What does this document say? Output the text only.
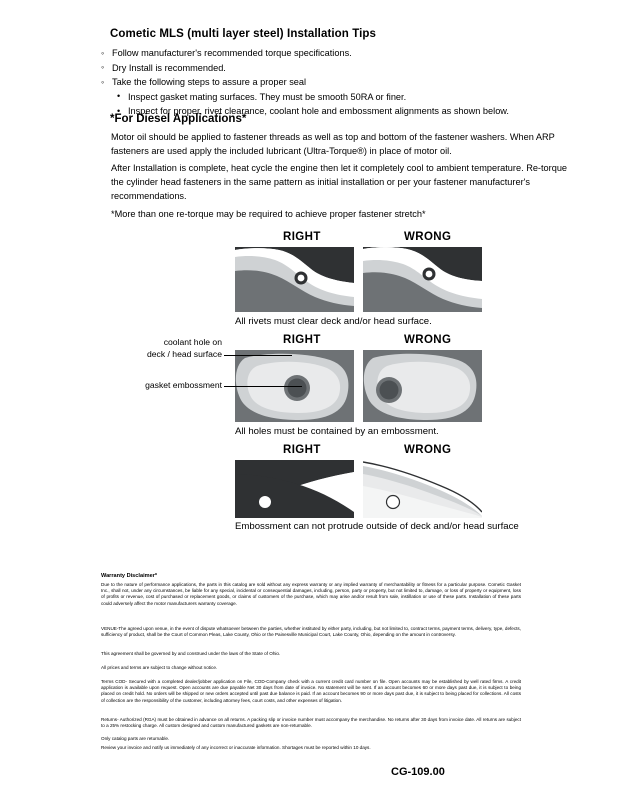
Cometic MLS (multi layer steel) Installation Tips
◦ Follow manufacturer's recommended torque specifications.
◦ Dry Install is recommended.
◦ Take the following steps to assure a proper seal
• Inspect gasket mating surfaces. They must be smooth 50RA or finer.
• Inspect for proper, rivet clearance, coolant hole and embossment alignments as shown below.
*For Diesel Applications*
Motor oil should be applied to fastener threads as well as top and bottom of the fastener washers. When ARP fasteners are used apply the included lubricant (Ultra-Torque®) in place of motor oil.
After Installation is complete, heat cycle the engine then let it completely cool to ambient temperature. Re-torque the cylinder head fasteners in the same pattern as initial installation or per your fastener manufacturer's recommendations.
*More than one re-torque may be required to achieve proper fastener stretch*
RIGHT	WRONG
All rivets must clear deck and/or head surface.
RIGHT	WRONG
coolant hole on
deck / head surface
gasket embossment
All holes must be contained by an embossment.
RIGHT	WRONG
Embossment can not protrude outside of deck and/or head surface
Warranty Disclaimer*
Due to the nature of performance applications, the parts in this catalog are sold without any express warranty or any implied warranty of merchantability or fitness for a particular purpose. Cometic Gasket Inc., shall not, under any circumstances, be liable for any special, incidental or consequential damages, including, person, party or property, but not limited to, damage, or loss of property or equipment, loss of profits or revenue, cost of purchased or replacement goods, or claims of customers of the purchase, which may arise and/or result from sale, instillation or use of these parts. Installation of these parts could adversely affect the motor manufacturers warranty coverage.
VENUE-The agreed upon venue, in the event of dispute whatsoever between the parties, whether instituted by either party, including, but not limited to, contract terms, payment terms, delivery, type, defects, sufficiency of product, shall be the Court of Common Pleas, Lake County, Ohio or the Painesville Municipal Court, Lake County, Ohio, depending on the amount in controversy.
This agreement shall be governed by and construed under the laws of the State of Ohio.
All prices and terms are subject to change without notice.
Terms COD- Secured with a completed dealer/jobber application on File, COD-Company check with a current credit card number on file. Open accounts may be established by well rated firms. A credit application is available upon request. Open accounts are due payable Net 30 days from date of invoice. No statement will be sent. If an account becomes 60 or more days past due, it is subject to being placed on credit hold. No orders will be shipped or new orders accepted until past due balance is paid. If an account becomes 90 or more days past due, it is subject to being placed for collections. All costs of collection are the responsibility of the customer, including attorney fees, court costs, and other expenses of litigation.
Returns- Authorized (RGA) must be obtained in advance on all returns. A packing slip or invoice number must accompany the merchandise. No returns after 30 days from invoice date. All returns are subject to a 25% restocking charge. All custom designed and custom manufactured gaskets are non-returnable.
Only catalog parts are returnable.
Review your invoice and notify us immediately of any incorrect or inaccurate information. Shortages must be reported within 10 days.
CG-109.00
